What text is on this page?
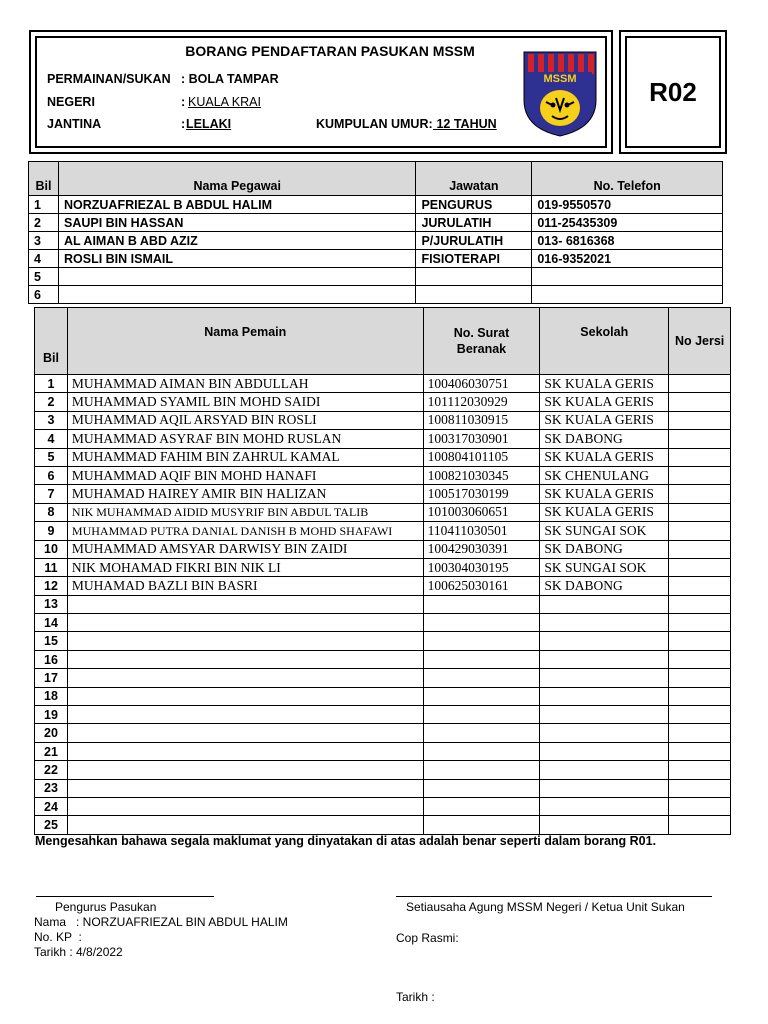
BORANG PENDAFTARAN PASUKAN MSSM
PERMAINAN/SUKAN : BOLA TAMPAR
NEGERI	: KUALA KRAI
JANTINA	: LELAKI	KUMPULAN UMUR: 12 TAHUN
MSSM	R02
Bil	Nama Pegawai	Jawatan	No. Telefon
1	NORZUAFRIEZAL B ABDUL HALIM	PENGURUS	019-9550570
2	SAUPI BIN HASSAN	JURULATIH	011-25435309
3	AL AIMAN B ABD AZIZ	P/JURULATIH	013- 6816368
4	ROSLI BIN ISMAIL	FISIOTERAPI	016-9352021
5			
6			
Bil	Nama Pemain	No. Surat Beranak	Sekolah	No Jersi
1	MUHAMMAD AIMAN BIN ABDULLAH	100406030751	SK KUALA GERIS	
2	MUHAMMAD SYAMIL BIN MOHD SAIDI	101112030929	SK KUALA GERIS	
3	MUHAMMAD AQIL ARSYAD BIN ROSLI	100811030915	SK KUALA GERIS	
4	MUHAMMAD ASYRAF BIN MOHD RUSLAN	100317030901	SK DABONG	
5	MUHAMMAD FAHIM BIN ZAHRUL KAMAL	100804101105	SK KUALA GERIS	
6	MUHAMMAD AQIF BIN MOHD HANAFI	100821030345	SK CHENULANG	
7	MUHAMAD HAIREY AMIR BIN HALIZAN	100517030199	SK KUALA GERIS	
8	NIK MUHAMMAD AIDID MUSYRIF BIN ABDUL TALIB	101003060651	SK KUALA GERIS	
9	MUHAMMAD PUTRA DANIAL DANISH B MOHD SHAFAWI	110411030501	SK SUNGAI SOK	
10	MUHAMMAD AMSYAR DARWISY BIN ZAIDI	100429030391	SK DABONG	
11	NIK MOHAMAD FIKRI BIN NIK LI	100304030195	SK SUNGAI SOK	
12	MUHAMAD BAZLI BIN BASRI	100625030161	SK DABONG	
13				
14				
15				
16				
17				
18				
19				
20				
21				
22				
23				
24				
25				
Mengesahkan bahawa segala maklumat yang dinyatakan di atas adalah benar seperti dalam borang R01.
Pengurus Pasukan
Nama   : NORZUAFRIEZAL BIN ABDUL HALIM
No. KP  :
Tarikh : 4/8/2022
Setiausaha Agung MSSM Negeri / Ketua Unit Sukan
Cop Rasmi:
Tarikh :
